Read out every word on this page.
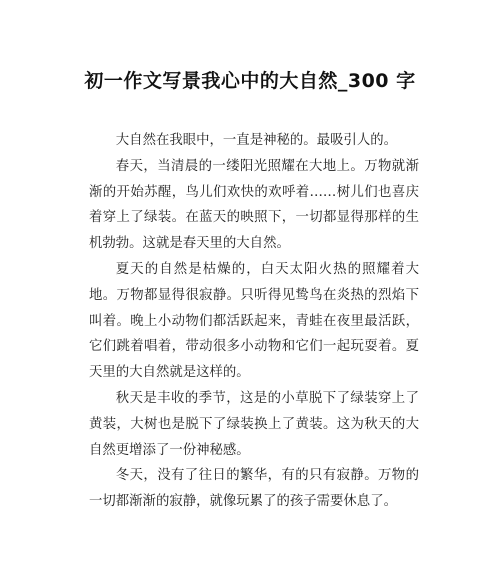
初一作文写景我心中的大自然_300 字

大自然在我眼中，一直是神秘的。最吸引人的。

春天，当清晨的一缕阳光照耀在大地上。万物就渐渐的开始苏醒，鸟儿们欢快的欢呼着……树儿们也喜庆着穿上了绿装。在蓝天的映照下，一切都显得那样的生机勃勃。这就是春天里的大自然。

夏天的自然是枯燥的，白天太阳火热的照耀着大地。万物都显得很寂静。只听得见鸷鸟在炎热的烈焰下叫着。晚上小动物们都活跃起来，青蛙在夜里最活跃，它们跳着唱着，带动很多小动物和它们一起玩耍着。夏天里的大自然就是这样的。

秋天是丰收的季节，这是的小草脱下了绿装穿上了黄装，大树也是脱下了绿装换上了黄装。这为秋天的大自然更增添了一份神秘感。

冬天，没有了往日的繁华，有的只有寂静。万物的一切都渐渐的寂静，就像玩累了的孩子需要休息了。
